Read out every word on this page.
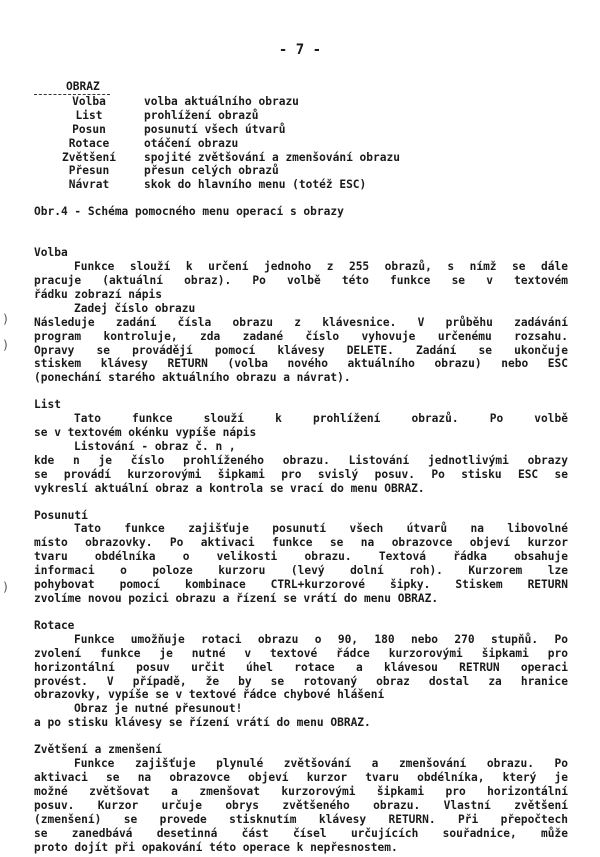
- 7 -
)
)
)
OBRAZ
Volba	volba aktuálního obrazu
List	prohlížení obrazů
Posun	posunutí všech útvarů
Rotace	otáčení obrazu
Zvětšení	spojité zvětšování a zmenšování obrazu
Přesun	přesun celých obrazů
Návrat	skok do hlavního menu (totéž ESC)
Obr.4 - Schéma pomocného menu operací s obrazy
Volba
Funkce slouží k určení jednoho z 255 obrazů, s nímž se dále
pracuje (aktuální obraz). Po volbě této funkce se v textovém
řádku zobrazí nápis
Zadej číslo obrazu
Následuje zadání čísla obrazu z klávesnice. V průběhu zadávání
program kontroluje, zda zadané číslo vyhovuje určenému rozsahu.
Opravy se provádějí pomocí klávesy DELETE. Zadání se ukončuje
stiskem klávesy RETURN (volba nového aktuálního obrazu) nebo ESC
(ponechání starého aktuálního obrazu a návrat).
List
Tato funkce slouží k prohlížení obrazů. Po volbě
se v textovém okénku vypíše nápis
Listování - obraz č. n ,
kde n je číslo prohlíženého obrazu. Listování jednotlivými obrazy
se provádí kurzorovými šipkami pro svislý posuv. Po stisku ESC se
vykreslí aktuální obraz a kontrola se vrací do menu OBRAZ.
Posunutí
Tato funkce zajišťuje posunutí všech útvarů na libovolné
místo obrazovky. Po aktivaci funkce se na obrazovce objeví kurzor
tvaru obdélníka o velikosti obrazu. Textová řádka obsahuje
informaci o poloze kurzoru (levý dolní roh). Kurzorem lze
pohybovat pomocí kombinace CTRL+kurzorové šipky. Stiskem RETURN
zvolíme novou pozici obrazu a řízení se vrátí do menu OBRAZ.
Rotace
Funkce umožňuje rotaci obrazu o 90, 180 nebo 270 stupňů. Po
zvolení funkce je nutné v textové řádce kurzorovými šipkami pro
horizontální posuv určit úhel rotace a klávesou RETRUN operaci
provést. V případě, že by se rotovaný obraz dostal za hranice
obrazovky, vypíše se v textové řádce chybové hlášení
Obraz je nutné přesunout!
a po stisku klávesy se řízení vrátí do menu OBRAZ.
Zvětšení a zmenšení
Funkce zajišťuje plynulé zvětšování a zmenšování obrazu. Po
aktivaci se na obrazovce objeví kurzor tvaru obdélníka, který je
možné zvětšovat a zmenšovat kurzorovými šipkami pro horizontální
posuv. Kurzor určuje obrys zvětšeného obrazu. Vlastní zvětšení
(zmenšení) se provede stisknutím klávesy RETURN. Při přepočtech
se zanedbává desetinná část čísel určujících souřadnice, může
proto dojít při opakování této operace k nepřesnostem.
